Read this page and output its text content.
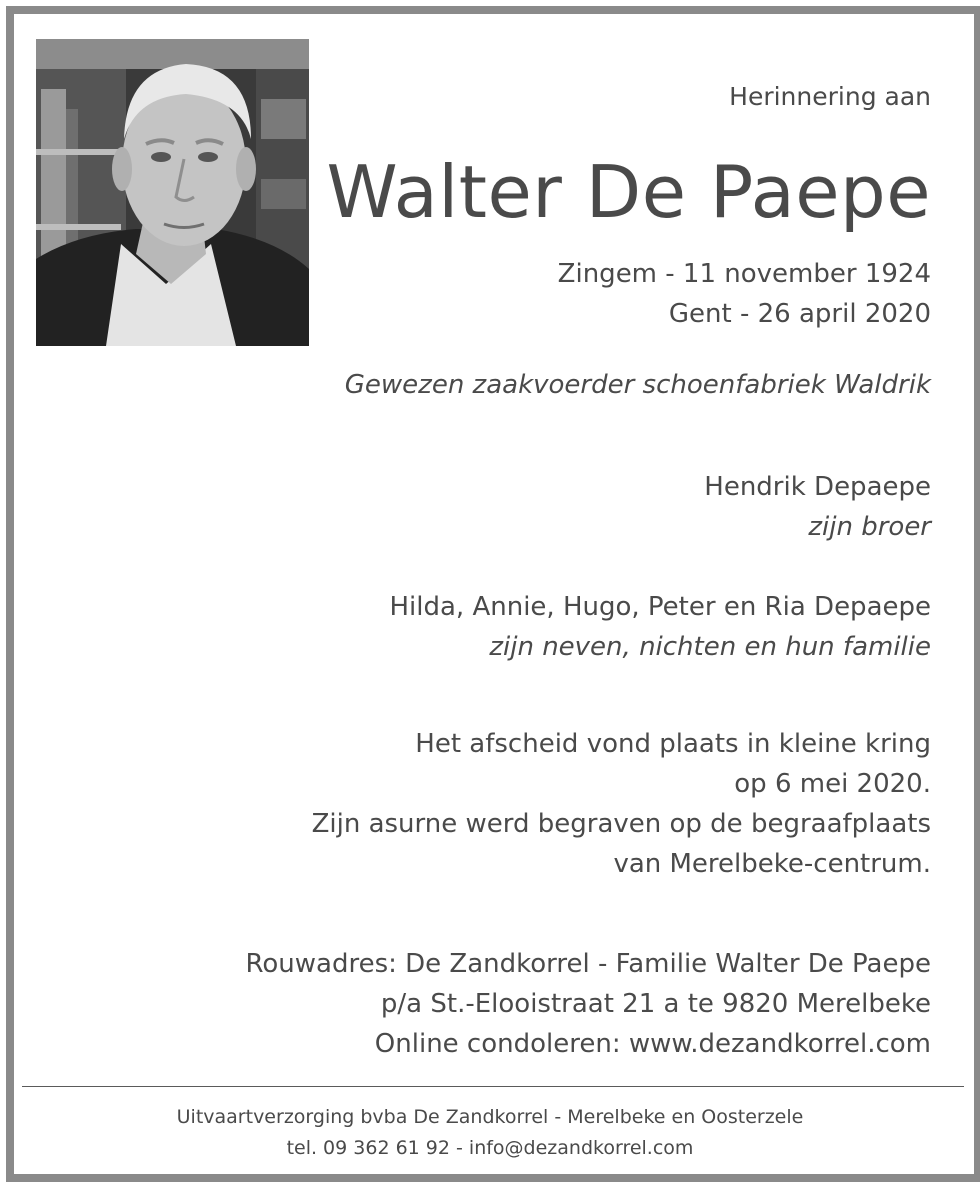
Herinnering aan
Walter De Paepe
Zingem - 11 november 1924
Gent - 26 april 2020
Gewezen zaakvoerder schoenfabriek Waldrik
Hendrik Depaepe
zijn broer
Hilda, Annie, Hugo, Peter en Ria Depaepe
zijn neven, nichten en hun familie
Het afscheid vond plaats in kleine kring
op 6 mei 2020.
Zijn asurne werd begraven op de begraafplaats
van Merelbeke-centrum.
Rouwadres: De Zandkorrel - Familie Walter De Paepe
p/a St.-Elooistraat 21 a te 9820 Merelbeke
Online condoleren: www.dezandkorrel.com
Uitvaartverzorging bvba De Zandkorrel - Merelbeke en Oosterzele
tel. 09 362 61 92 - info@dezandkorrel.com
